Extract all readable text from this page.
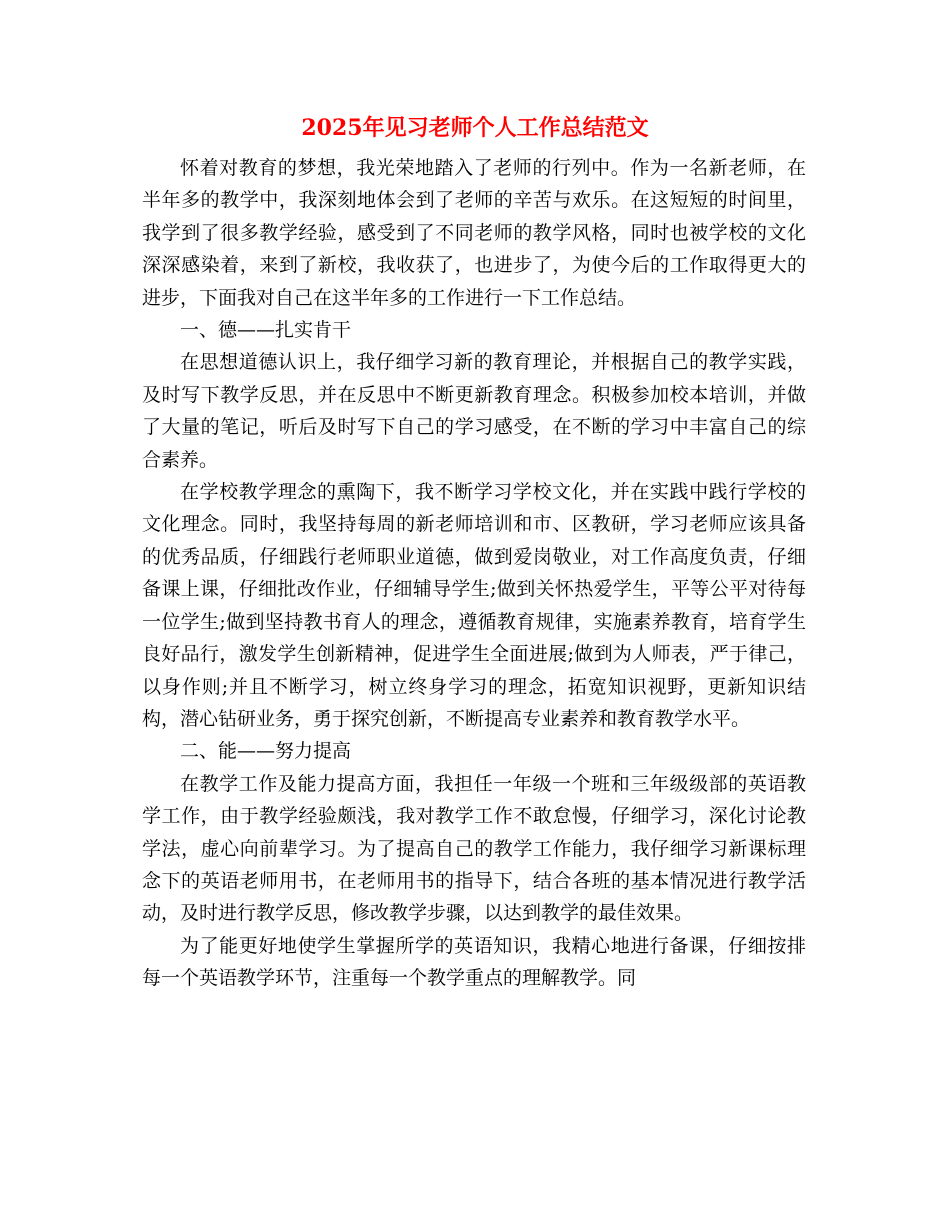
2025年见习老师个人工作总结范文

怀着对教育的梦想，我光荣地踏入了老师的行列中。作为一名新老师，在半年多的教学中，我深刻地体会到了老师的辛苦与欢乐。在这短短的时间里，我学到了很多教学经验，感受到了不同老师的教学风格，同时也被学校的文化深深感染着，来到了新校，我收获了，也进步了，为使今后的工作取得更大的进步，下面我对自己在这半年多的工作进行一下工作总结。

一、德——扎实肯干

在思想道德认识上，我仔细学习新的教育理论，并根据自己的教学实践，及时写下教学反思，并在反思中不断更新教育理念。积极参加校本培训，并做了大量的笔记，听后及时写下自己的学习感受，在不断的学习中丰富自己的综合素养。

在学校教学理念的熏陶下，我不断学习学校文化，并在实践中践行学校的文化理念。同时，我坚持每周的新老师培训和市、区教研，学习老师应该具备的优秀品质，仔细践行老师职业道德，做到爱岗敬业，对工作高度负责，仔细备课上课，仔细批改作业，仔细辅导学生;做到关怀热爱学生，平等公平对待每一位学生;做到坚持教书育人的理念，遵循教育规律，实施素养教育，培育学生良好品行，激发学生创新精神，促进学生全面进展;做到为人师表，严于律己，以身作则;并且不断学习，树立终身学习的理念，拓宽知识视野，更新知识结构，潜心钻研业务，勇于探究创新，不断提高专业素养和教育教学水平。

二、能——努力提高

在教学工作及能力提高方面，我担任一年级一个班和三年级级部的英语教学工作，由于教学经验颇浅，我对教学工作不敢怠慢，仔细学习，深化讨论教学法，虚心向前辈学习。为了提高自己的教学工作能力，我仔细学习新课标理念下的英语老师用书，在老师用书的指导下，结合各班的基本情况进行教学活动，及时进行教学反思，修改教学步骤，以达到教学的最佳效果。

为了能更好地使学生掌握所学的英语知识，我精心地进行备课，仔细按排每一个英语教学环节，注重每一个教学重点的理解教学。同
